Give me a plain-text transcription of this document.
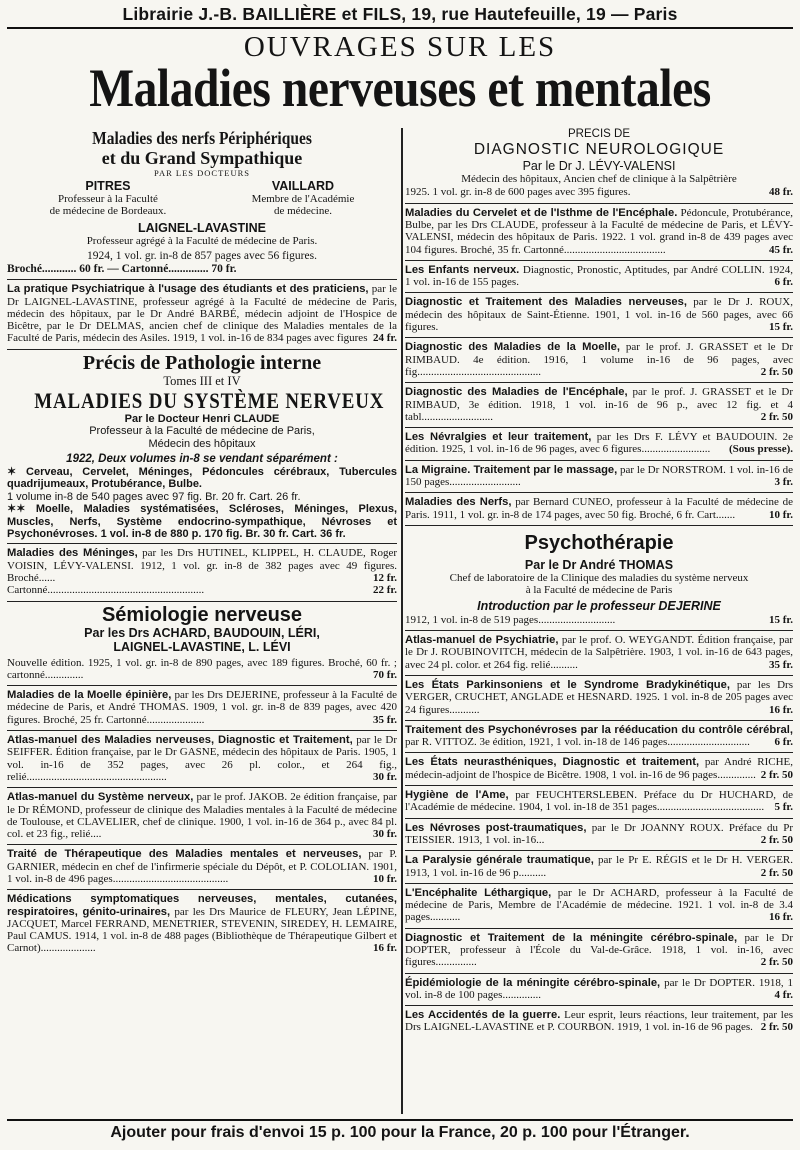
Librairie J.-B. BAILLIÈRE et FILS, 19, rue Hautefeuille, 19 — Paris
OUVRAGES SUR LES
Maladies nerveuses et mentales
Maladies des nerfs Périphériques
et du Grand Sympathique
PAR LES DOCTEURS
PITRES
Professeur à la Faculté
de médecine de Bordeaux.
VAILLARD
Membre de l'Académie
de médecine.
LAIGNEL-LAVASTINE
Professeur agrégé à la Faculté de médecine de Paris.
1924, 1 vol. gr. in-8 de 857 pages avec 56 figures.
Broché............ 60 fr. — Cartonné.............. 70 fr.
La pratique Psychiatrique à l'usage des étudiants et des praticiens, par le Dr LAIGNEL-LAVASTINE, professeur agrégé à la Faculté de médecine de Paris, médecin des hôpitaux, par le Dr André BARBÉ, médecin adjoint de l'Hospice de Bicêtre, par le Dr DELMAS, ancien chef de clinique des Maladies mentales de la Faculté de Paris, médecin des Asiles. 1919, 1 vol. in-16 de 834 pages avec figures 24 fr.
Précis de Pathologie interne
Tomes III et IV
MALADIES DU SYSTÈME NERVEUX
Par le Docteur Henri CLAUDE
Professeur à la Faculté de médecine de Paris,
Médecin des hôpitaux
1922, Deux volumes in-8 se vendant séparément :
✶ Cerveau, Cervelet, Méninges, Pédoncules cérébraux, Tubercules quadrijumeaux, Protubérance, Bulbe.
1 volume in-8 de 540 pages avec 97 fig. Br. 20 fr. Cart. 26 fr.
✶✶ Moelle, Maladies systématisées, Scléroses, Méninges, Plexus, Muscles, Nerfs, Système endocrino-sympathique, Névroses et Psychonévroses. 1 vol. in-8 de 880 p. 170 fig. Br. 30 fr. Cart. 36 fr.
Maladies des Méninges, par les Drs HUTINEL, KLIPPEL, H. CLAUDE, Roger VOISIN, LÉVY-VALENSI. 1912, 1 vol. gr. in-8 de 382 pages avec 49 figures. Broché......	12 fr.
Cartonné.........................................................	22 fr.
Sémiologie nerveuse
Par les Drs ACHARD, BAUDOUIN, LÉRI,
LAIGNEL-LAVASTINE, L. LÉVI
Nouvelle édition. 1925, 1 vol. gr. in-8 de 890 pages, avec 189 figures. Broché, 60 fr. ; cartonné..............	70 fr.
Maladies de la Moelle épinière, par les Drs DEJERINE, professeur à la Faculté de médecine de Paris, et André THOMAS. 1909, 1 vol. gr. in-8 de 839 pages, avec 420 figures. Broché, 25 fr. Cartonné.....................	35 fr.
Atlas-manuel des Maladies nerveuses, Diagnostic et Traitement, par le Dr SEIFFER. Édition française, par le Dr GASNE, médecin des hôpitaux de Paris. 1905, 1 vol. in-16 de 352 pages, avec 26 pl. color., et 264 fig., relié...................................................	30 fr.
Atlas-manuel du Système nerveux, par le prof. JAKOB. 2e édition française, par le Dr RÉMOND, professeur de clinique des Maladies mentales à la Faculté de médecine de Toulouse, et CLAVELIER, chef de clinique. 1900, 1 vol. in-16 de 364 p., avec 84 pl. col. et 23 fig., relié....	30 fr.
Traité de Thérapeutique des Maladies mentales et nerveuses, par P. GARNIER, médecin en chef de l'infirmerie spéciale du Dépôt, et P. COLOLIAN. 1901, 1 vol. in-8 de 496 pages..........................................	10 fr.
Médications symptomatiques nerveuses, mentales, cutanées, respiratoires, génito-urinaires, par les Drs Maurice de FLEURY, Jean LÉPINE, JACQUET, Marcel FERRAND, MENETRIER, STEVENIN, SIREDEY, H. LEMAIRE, Paul CAMUS. 1914, 1 vol. in-8 de 488 pages (Bibliothèque de Thérapeutique Gilbert et Carnot)....................	16 fr.
PRÉCIS DE
DIAGNOSTIC NEUROLOGIQUE
Par le Dr J. LÉVY-VALENSI
Médecin des hôpitaux, Ancien chef de clinique à la Salpêtrière
1925. 1 vol. gr. in-8 de 600 pages avec 395 figures.	48 fr.
Maladies du Cervelet et de l'Isthme de l'Encéphale. Pédoncule, Protubérance, Bulbe, par les Drs CLAUDE, professeur à la Faculté de médecine de Paris, et LÉVY-VALENSI, médecin des hôpitaux de Paris. 1922. 1 vol. grand in-8 de 439 pages avec 104 figures. Broché, 35 fr. Cartonné.....................................	45 fr.
Les Enfants nerveux. Diagnostic, Pronostic, Aptitudes, par André COLLIN. 1924, 1 vol. in-16 de 155 pages.	6 fr.
Diagnostic et Traitement des Maladies nerveuses, par le Dr J. ROUX, médecin des hôpitaux de Saint-Étienne. 1901, 1 vol. in-16 de 560 pages, avec 66 figures.	15 fr.
Diagnostic des Maladies de la Moelle, par le prof. J. GRASSET et le Dr RIMBAUD. 4e édition. 1916, 1 volume in-16 de 96 pages, avec fig.............................................	2 fr. 50
Diagnostic des Maladies de l'Encéphale, par le prof. J. GRASSET et le Dr RIMBAUD, 3e édition. 1918, 1 vol. in-16 de 96 p., avec 12 fig. et 4 tabl..........................	2 fr. 50
Les Névralgies et leur traitement, par les Drs F. LÉVY et BAUDOUIN. 2e édition. 1925, 1 vol. in-16 de 96 pages, avec 6 figures......................... (Sous presse).
La Migraine. Traitement par le massage, par le Dr NORSTROM. 1 vol. in-16 de 150 pages..........................	3 fr.
Maladies des Nerfs, par Bernard CUNEO, professeur à la Faculté de médecine de Paris. 1911, 1 vol. gr. in-8 de 174 pages, avec 50 fig. Broché, 6 fr. Cart.......	10 fr.
Psychothérapie
Par le Dr André THOMAS
Chef de laboratoire de la Clinique des maladies du système nerveux
à la Faculté de médecine de Paris
Introduction par le professeur DEJERINE
1912, 1 vol. in-8 de 519 pages............................	15 fr.
Atlas-manuel de Psychiatrie, par le prof. O. WEYGANDT. Édition française, par le Dr J. ROUBINOVITCH, médecin de la Salpêtrière. 1903, 1 vol. in-16 de 643 pages, avec 24 pl. color. et 264 fig. relié..........	35 fr.
Les États Parkinsoniens et le Syndrome Bradykinétique, par les Drs VERGER, CRUCHET, ANGLADE et HESNARD. 1925. 1 vol. in-8 de 205 pages avec 24 figures...........	16 fr.
Traitement des Psychonévroses par la rééducation du contrôle cérébral, par R. VITTOZ. 3e édition, 1921, 1 vol. in-18 de 146 pages.............................. 6 fr.
Les États neurasthéniques, Diagnostic et traitement, par André RICHE, médecin-adjoint de l'hospice de Bicêtre. 1908, 1 vol. in-16 de 96 pages.............. 2 fr. 50
Hygiène de l'Ame, par FEUCHTERSLEBEN. Préface du Dr HUCHARD, de l'Académie de médecine. 1904, 1 vol. in-18 de 351 pages....................................... 5 fr.
Les Névroses post-traumatiques, par le Dr JOANNY ROUX. Préface du Pr TEISSIER. 1913, 1 vol. in-16...	2 fr. 50
La Paralysie générale traumatique, par le Pr E. RÉGIS et le Dr H. VERGER. 1913, 1 vol. in-16 de 96 p..........	2 fr. 50
L'Encéphalite Léthargique, par le Dr ACHARD, professeur à la Faculté de médecine de Paris, Membre de l'Académie de médecine. 1921. 1 vol. in-8 de 3.4 pages...........	16 fr.
Diagnostic et Traitement de la méningite cérébro-spinale, par le Dr DOPTER, professeur à l'École du Val-de-Grâce. 1918, 1 vol. in-16, avec figures...............	2 fr. 50
Épidémiologie de la méningite cérébro-spinale, par le Dr DOPTER. 1918, 1 vol. in-8 de 100 pages..............	4 fr.
Les Accidentés de la guerre. Leur esprit, leurs réactions, leur traitement, par les Drs LAIGNEL-LAVASTINE et P. COURBON. 1919, 1 vol. in-16 de 96 pages. 2 fr. 50
Ajouter pour frais d'envoi 15 p. 100 pour la France, 20 p. 100 pour l'Étranger.
